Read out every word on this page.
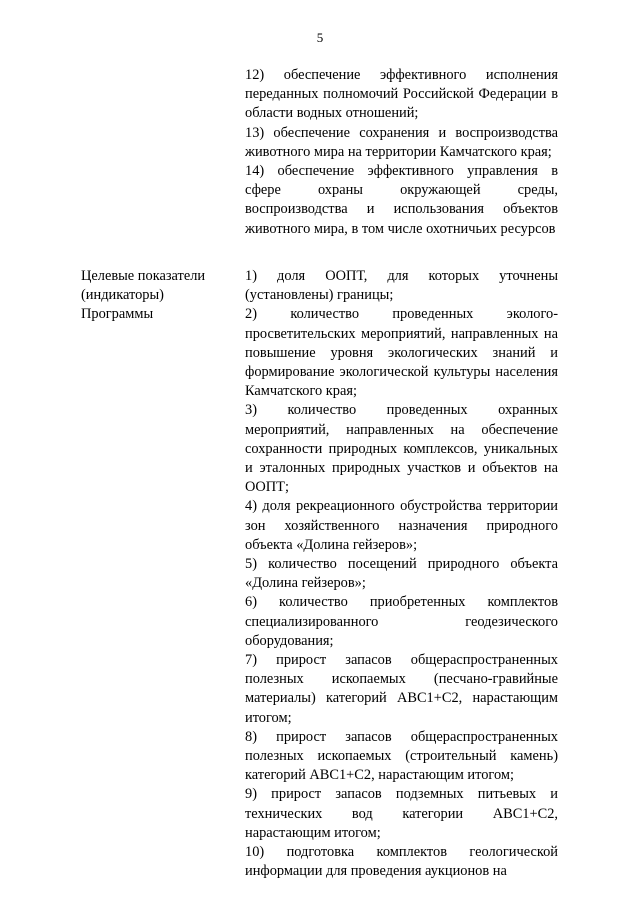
5

12) обеспечение эффективного исполнения переданных полномочий Российской Федерации в области водных отношений;

13) обеспечение сохранения и воспроизводства животного мира на территории Камчатского края;

14) обеспечение эффективного управления в сфере охраны окружающей среды, воспроизводства и использования объектов животного мира, в том числе охотничьих ресурсов

Целевые показатели
(индикаторы)
Программы

1) доля ООПТ, для которых уточнены (установлены) границы;

2) количество проведенных эколого-просветительских мероприятий, направленных на повышение уровня экологических знаний и формирование экологической культуры населения Камчатского края;

3) количество проведенных охранных мероприятий, направленных на обеспечение сохранности природных комплексов, уникальных и эталонных природных участков и объектов на ООПТ;

4) доля рекреационного обустройства территории зон хозяйственного назначения природного объекта «Долина гейзеров»;

5) количество посещений природного объекта «Долина гейзеров»;

6) количество приобретенных комплектов специализированного геодезического оборудования;

7) прирост запасов общераспространенных полезных ископаемых (песчано-гравийные материалы) категорий АВС1+С2, нарастающим итогом;

8) прирост запасов общераспространенных полезных ископаемых (строительный камень) категорий АВС1+С2, нарастающим итогом;

9) прирост запасов подземных питьевых и технических вод категории АВС1+С2, нарастающим итогом;

10) подготовка комплектов геологической информации для проведения аукционов на
